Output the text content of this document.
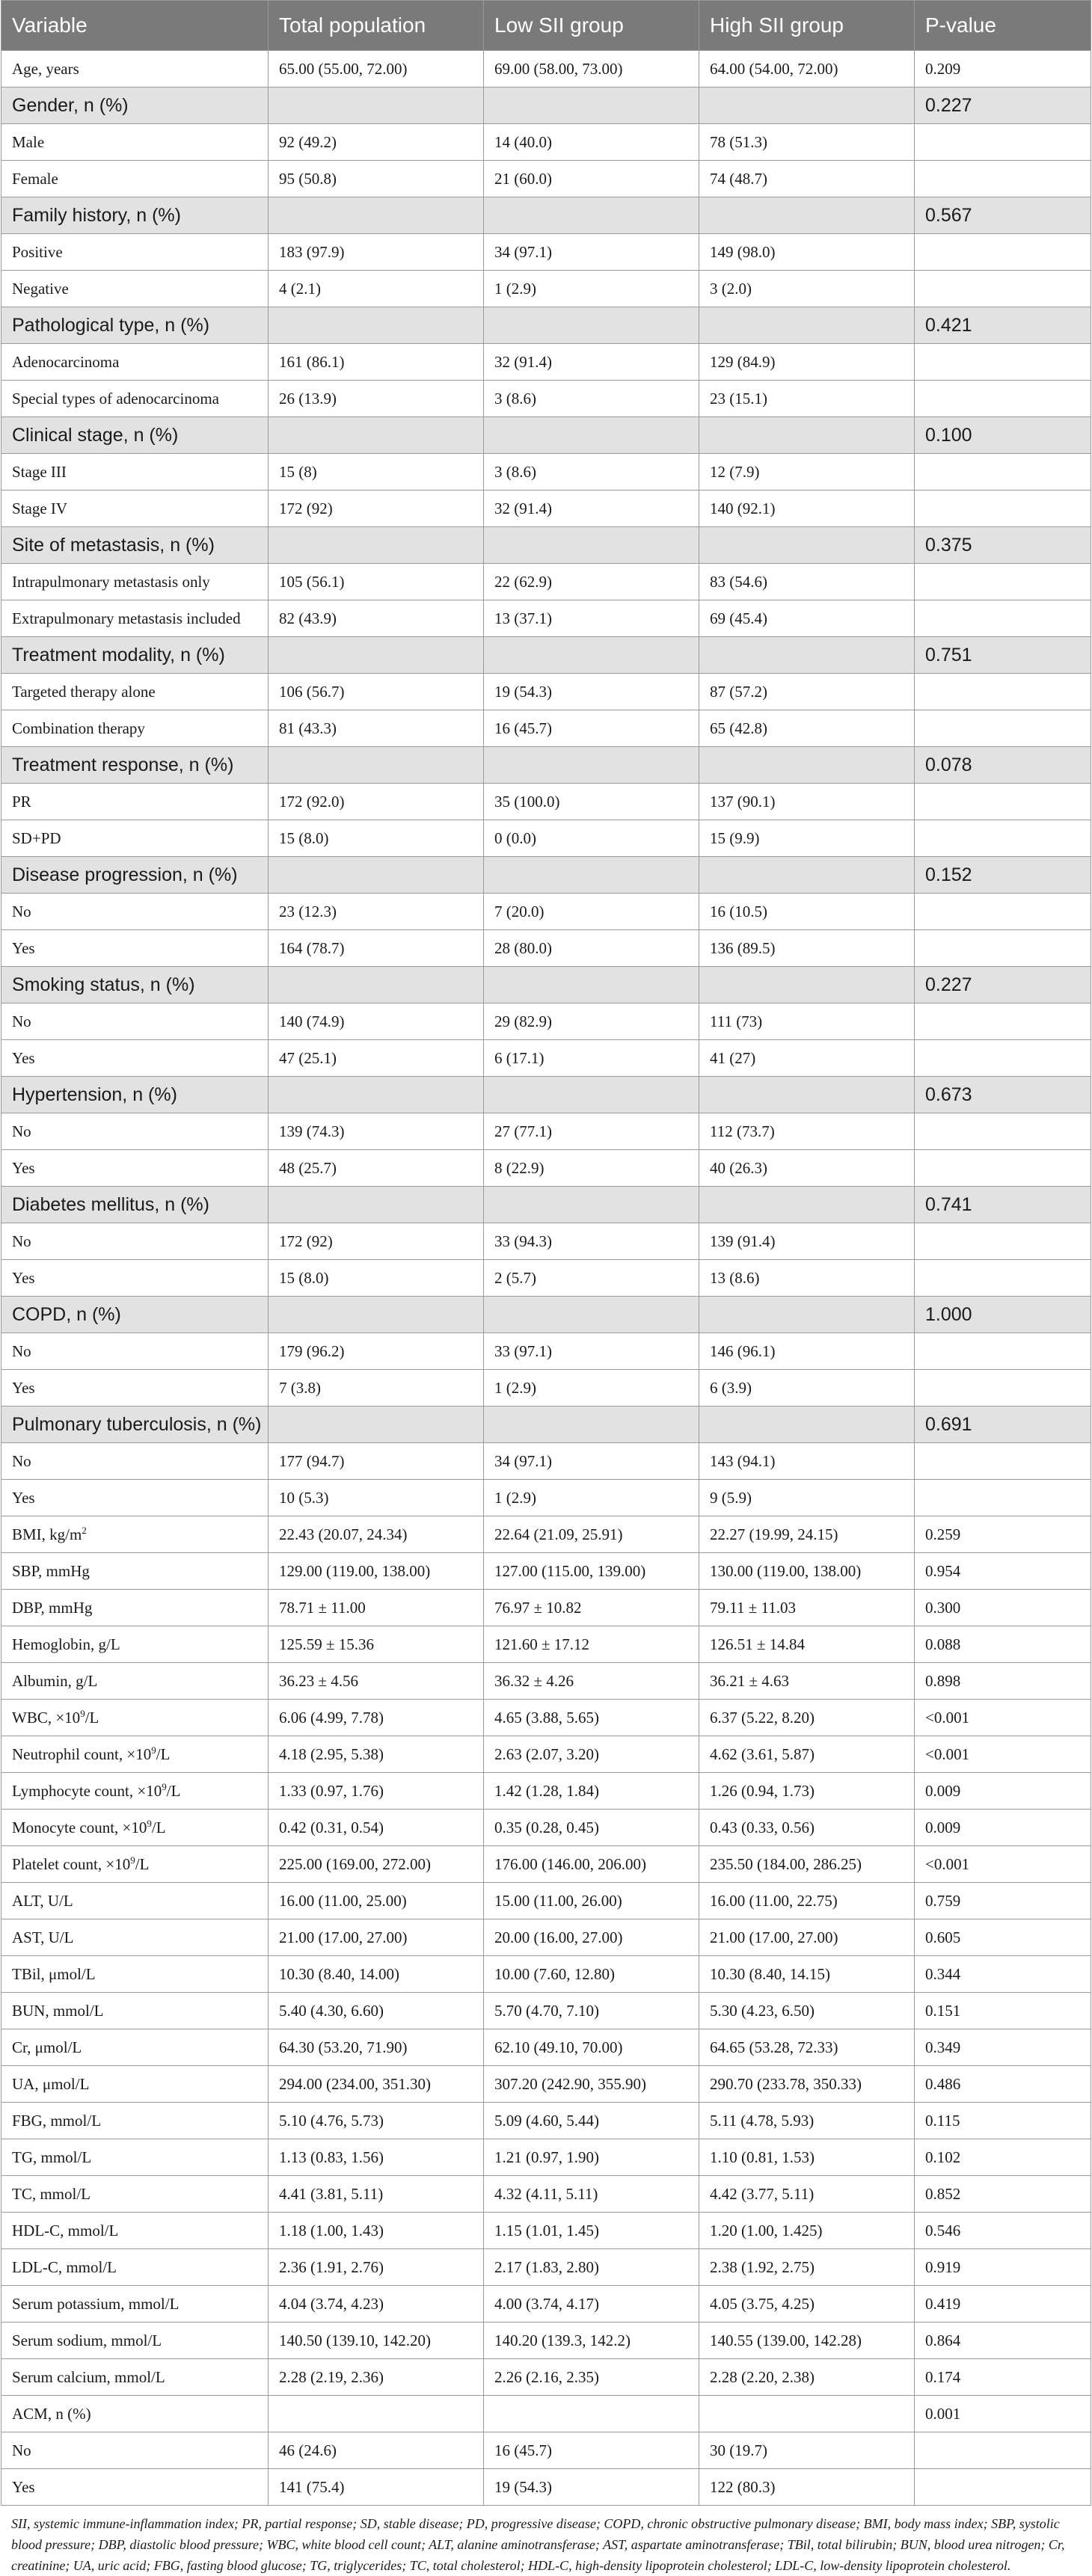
Variable	Total population	Low SII group	High SII group	P-value
Age, years	65.00 (55.00, 72.00)	69.00 (58.00, 73.00)	64.00 (54.00, 72.00)	0.209
Gender, n (%)				0.227
Male	92 (49.2)	14 (40.0)	78 (51.3)	
Female	95 (50.8)	21 (60.0)	74 (48.7)	
Family history, n (%)				0.567
Positive	183 (97.9)	34 (97.1)	149 (98.0)	
Negative	4 (2.1)	1 (2.9)	3 (2.0)	
Pathological type, n (%)				0.421
Adenocarcinoma	161 (86.1)	32 (91.4)	129 (84.9)	
Special types of adenocarcinoma	26 (13.9)	3 (8.6)	23 (15.1)	
Clinical stage, n (%)				0.100
Stage III	15 (8)	3 (8.6)	12 (7.9)	
Stage IV	172 (92)	32 (91.4)	140 (92.1)	
Site of metastasis, n (%)				0.375
Intrapulmonary metastasis only	105 (56.1)	22 (62.9)	83 (54.6)	
Extrapulmonary metastasis included	82 (43.9)	13 (37.1)	69 (45.4)	
Treatment modality, n (%)				0.751
Targeted therapy alone	106 (56.7)	19 (54.3)	87 (57.2)	
Combination therapy	81 (43.3)	16 (45.7)	65 (42.8)	
Treatment response, n (%)				0.078
PR	172 (92.0)	35 (100.0)	137 (90.1)	
SD+PD	15 (8.0)	0 (0.0)	15 (9.9)	
Disease progression, n (%)				0.152
No	23 (12.3)	7 (20.0)	16 (10.5)	
Yes	164 (78.7)	28 (80.0)	136 (89.5)	
Smoking status, n (%)				0.227
No	140 (74.9)	29 (82.9)	111 (73)	
Yes	47 (25.1)	6 (17.1)	41 (27)	
Hypertension, n (%)				0.673
No	139 (74.3)	27 (77.1)	112 (73.7)	
Yes	48 (25.7)	8 (22.9)	40 (26.3)	
Diabetes mellitus, n (%)				0.741
No	172 (92)	33 (94.3)	139 (91.4)	
Yes	15 (8.0)	2 (5.7)	13 (8.6)	
COPD, n (%)				1.000
No	179 (96.2)	33 (97.1)	146 (96.1)	
Yes	7 (3.8)	1 (2.9)	6 (3.9)	
Pulmonary tuberculosis, n (%)				0.691
No	177 (94.7)	34 (97.1)	143 (94.1)	
Yes	10 (5.3)	1 (2.9)	9 (5.9)	
BMI, $kg/m^2$	22.43 (20.07, 24.34)	22.64 (21.09, 25.91)	22.27 (19.99, 24.15)	0.259
SBP, mmHg	129.00 (119.00, 138.00)	127.00 (115.00, 139.00)	130.00 (119.00, 138.00)	0.954
DBP, mmHg	78.71 ± 11.00	76.97 ± 10.82	79.11 ± 11.03	0.300
Hemoglobin, g/L	125.59 ± 15.36	121.60 ± 17.12	126.51 ± 14.84	0.088
Albumin, g/L	36.23 ± 4.56	36.32 ± 4.26	36.21 ± 4.63	0.898
WBC, $\times 10^9/L$	6.06 (4.99, 7.78)	4.65 (3.88, 5.65)	6.37 (5.22, 8.20)	<0.001
Neutrophil count, $\times 10^9/L$	4.18 (2.95, 5.38)	2.63 (2.07, 3.20)	4.62 (3.61, 5.87)	<0.001
Lymphocyte count, $\times 10^9/L$	1.33 (0.97, 1.76)	1.42 (1.28, 1.84)	1.26 (0.94, 1.73)	0.009
Monocyte count, $\times 10^9/L$	0.42 (0.31, 0.54)	0.35 (0.28, 0.45)	0.43 (0.33, 0.56)	0.009
Platelet count, $\times 10^9/L$	225.00 (169.00, 272.00)	176.00 (146.00, 206.00)	235.50 (184.00, 286.25)	<0.001
ALT, U/L	16.00 (11.00, 25.00)	15.00 (11.00, 26.00)	16.00 (11.00, 22.75)	0.759
AST, U/L	21.00 (17.00, 27.00)	20.00 (16.00, 27.00)	21.00 (17.00, 27.00)	0.605
TBil, μmol/L	10.30 (8.40, 14.00)	10.00 (7.60, 12.80)	10.30 (8.40, 14.15)	0.344
BUN, mmol/L	5.40 (4.30, 6.60)	5.70 (4.70, 7.10)	5.30 (4.23, 6.50)	0.151
Cr, μmol/L	64.30 (53.20, 71.90)	62.10 (49.10, 70.00)	64.65 (53.28, 72.33)	0.349
UA, μmol/L	294.00 (234.00, 351.30)	307.20 (242.90, 355.90)	290.70 (233.78, 350.33)	0.486
FBG, mmol/L	5.10 (4.76, 5.73)	5.09 (4.60, 5.44)	5.11 (4.78, 5.93)	0.115
TG, mmol/L	1.13 (0.83, 1.56)	1.21 (0.97, 1.90)	1.10 (0.81, 1.53)	0.102
TC, mmol/L	4.41 (3.81, 5.11)	4.32 (4.11, 5.11)	4.42 (3.77, 5.11)	0.852
HDL-C, mmol/L	1.18 (1.00, 1.43)	1.15 (1.01, 1.45)	1.20 (1.00, 1.425)	0.546
LDL-C, mmol/L	2.36 (1.91, 2.76)	2.17 (1.83, 2.80)	2.38 (1.92, 2.75)	0.919
Serum potassium, mmol/L	4.04 (3.74, 4.23)	4.00 (3.74, 4.17)	4.05 (3.75, 4.25)	0.419
Serum sodium, mmol/L	140.50 (139.10, 142.20)	140.20 (139.3, 142.2)	140.55 (139.00, 142.28)	0.864
Serum calcium, mmol/L	2.28 (2.19, 2.36)	2.26 (2.16, 2.35)	2.28 (2.20, 2.38)	0.174
ACM, n (%)				0.001
No	46 (24.6)	16 (45.7)	30 (19.7)	
Yes	141 (75.4)	19 (54.3)	122 (80.3)	
SII, systemic immune-inflammation index; PR, partial response; SD, stable disease; PD, progressive disease; COPD, chronic obstructive pulmonary disease; BMI, body mass index; SBP, systolic blood pressure; DBP, diastolic blood pressure; WBC, white blood cell count; ALT, alanine aminotransferase; AST, aspartate aminotransferase; TBil, total bilirubin; BUN, blood urea nitrogen; Cr, creatinine; UA, uric acid; FBG, fasting blood glucose; TG, triglycerides; TC, total cholesterol; HDL-C, high-density lipoprotein cholesterol; LDL-C, low-density lipoprotein cholesterol.
